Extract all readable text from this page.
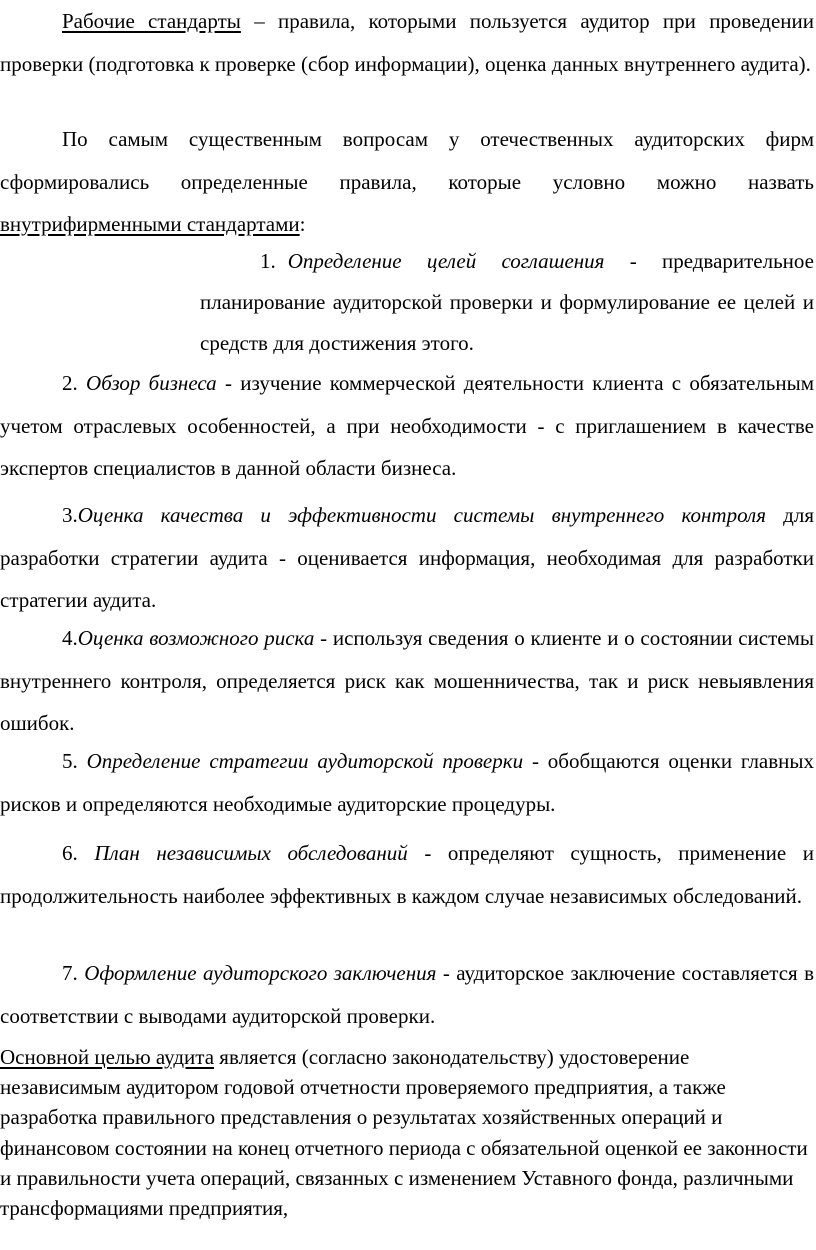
Рабочие стандарты – правила, которыми пользуется аудитор при проведении проверки (подготовка к проверке (сбор информации), оценка данных внутреннего аудита).

По самым существенным вопросам у отечественных аудиторских фирм сформировались определенные правила, которые условно можно назвать внутрифирменными стандартами:

1. Определение целей соглашения - предварительное планирование аудиторской проверки и формулирование ее целей и средств для достижения этого.

2. Обзор бизнеса - изучение коммерческой деятельности клиента с обязательным учетом отраслевых особенностей, а при необходимости - с приглашением в качестве экспертов специалистов в данной области бизнеса.

3.Оценка качества и эффективности системы внутреннего контроля для разработки стратегии аудита - оценивается информация, необходимая для разработки стратегии аудита.

4.Оценка возможного риска - используя сведения о клиенте и о состоянии системы внутреннего контроля, определяется риск как мошенничества, так и риск невыявления ошибок.

5. Определение стратегии аудиторской проверки - обобщаются оценки главных рисков и определяются необходимые аудиторские процедуры.

6. План независимых обследований - определяют сущность, применение и продолжительность наиболее эффективных в каждом случае независимых обследований.

7. Оформление аудиторского заключения - аудиторское заключение составляется в соответствии с выводами аудиторской проверки.

Основной целью аудита является (согласно законодательству) удостоверение независимым аудитором годовой отчетности проверяемого предприятия, а также разработка правильного представления о результатах хозяйственных операций и финансовом состоянии на конец отчетного периода с обязательной оценкой ее законности и правильности учета операций, связанных с изменением Уставного фонда, различными трансформациями предприятия,
